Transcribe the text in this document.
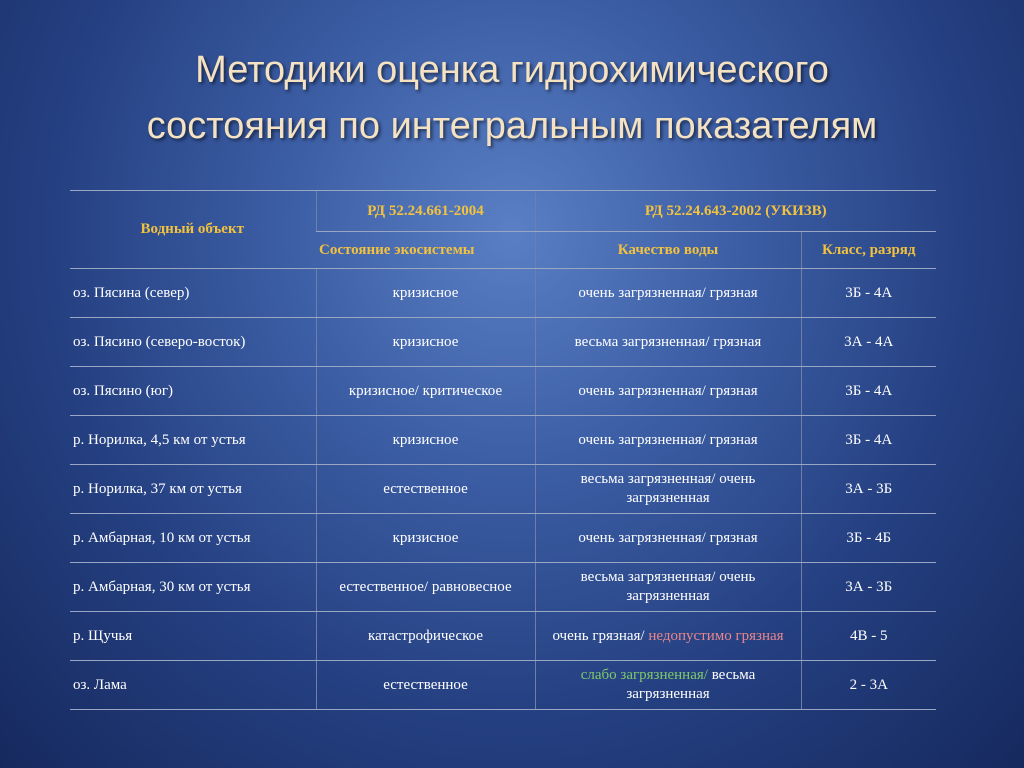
Методики оценка гидрохимического
состояния по интегральным показателям
Водный объект	РД 52.24.661-2004	РД 52.24.643-2002 (УКИЗВ)	
	Состояние экосистемы	Качество воды	Класс, разряд
оз. Пясина (север)	кризисное	очень загрязненная/ грязная	3Б - 4А
оз. Пясино (северо-восток)	кризисное	весьма загрязненная/ грязная	3А - 4А
оз. Пясино (юг)	кризисное/ критическое	очень загрязненная/ грязная	3Б - 4А
р. Норилка, 4,5 км от устья	кризисное	очень загрязненная/ грязная	3Б - 4А
р. Норилка, 37 км от устья	естественное	весьма загрязненная/ очень загрязненная	3А - 3Б
р. Амбарная, 10 км от устья	кризисное	очень загрязненная/ грязная	3Б - 4Б
р. Амбарная, 30 км от устья	естественное/ равновесное	весьма загрязненная/ очень загрязненная	3А - 3Б
р. Щучья	катастрофическое	очень грязная/ недопустимо грязная	4В - 5
оз. Лама	естественное	слабо загрязненная/ весьма загрязненная	2 - 3А
